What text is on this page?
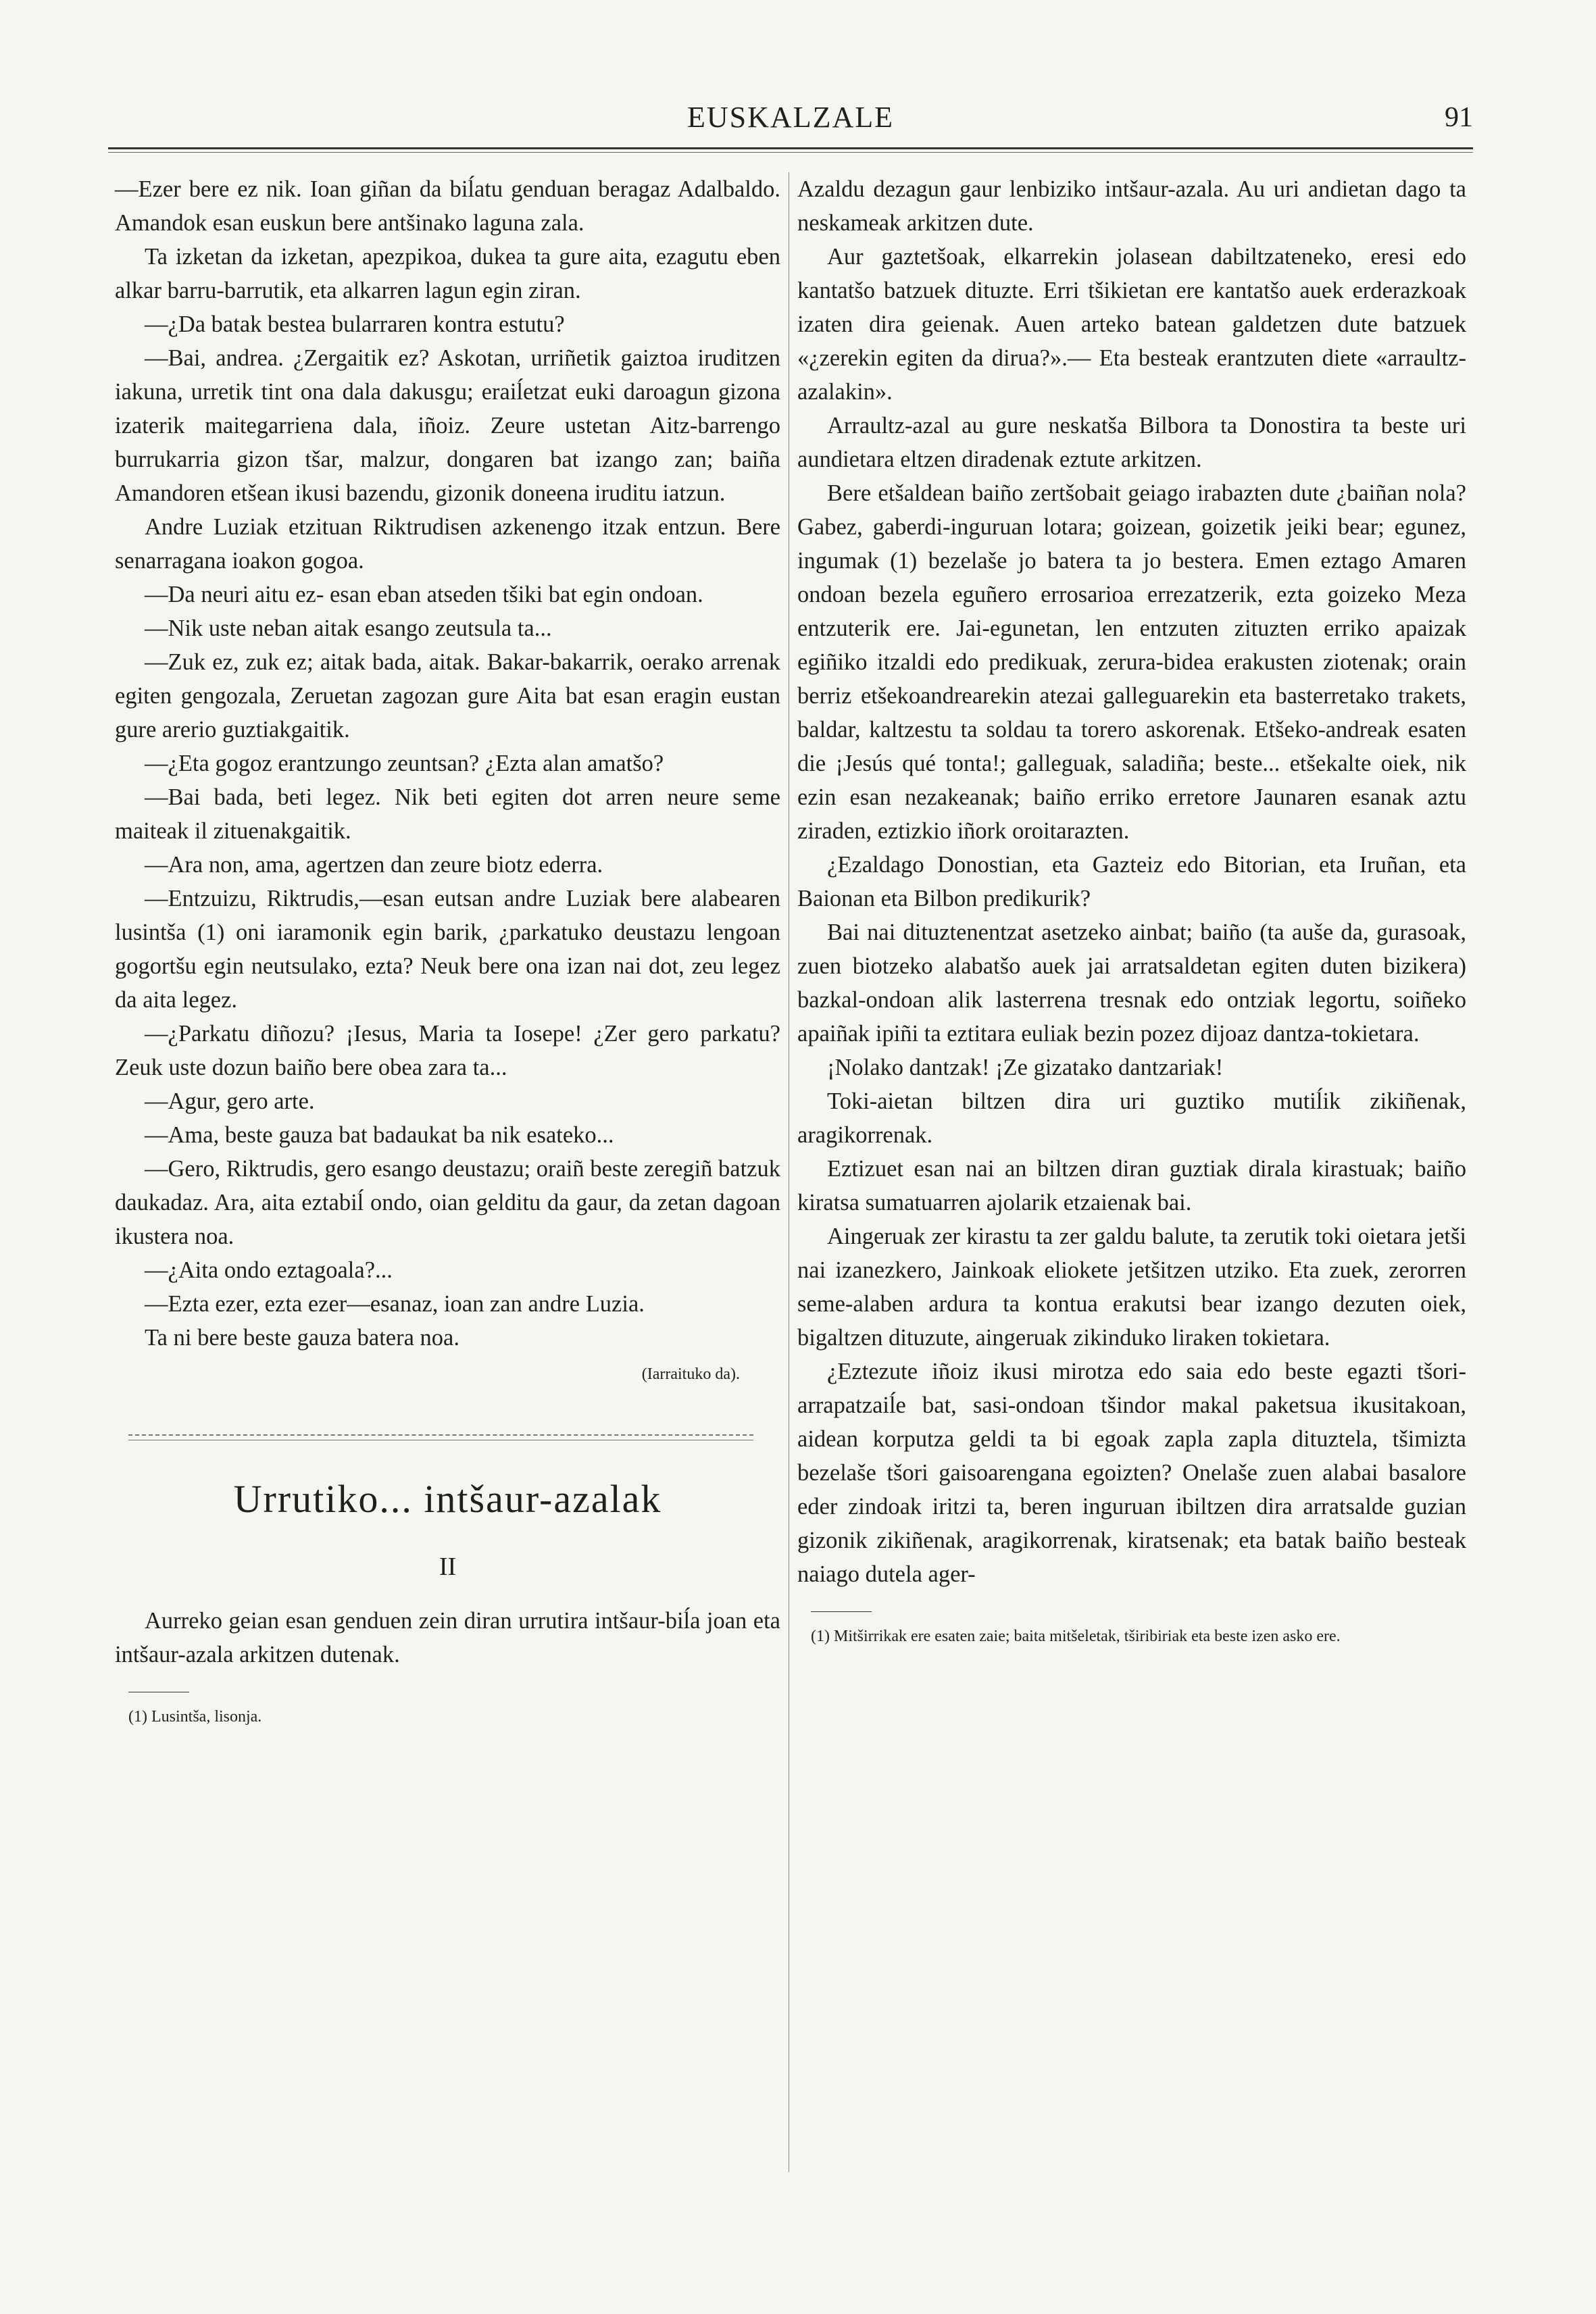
EUSKALZALE	91

—Ezer bere ez nik. Ioan giñan da biĺatu genduan beragaz Adalbaldo. Amandok esan euskun bere antšinako laguna zala.

Ta izketan da izketan, apezpikoa, dukea ta gure aita, ezagutu eben alkar barru-barrutik, eta alkarren lagun egin ziran.

—¿Da batak bestea bularraren kontra estutu?

—Bai, andrea. ¿Zergaitik ez? Askotan, urriñetik gaiztoa iruditzen iakuna, urretik tint ona dala dakusgu; eraiĺetzat euki daroagun gizona izaterik maitegarriena dala, iñoiz. Zeure ustetan Aitz-barrengo burrukarria gizon tšar, malzur, dongaren bat izango zan; baiña Amandoren etšean ikusi bazendu, gizonik doneena iruditu iatzun.

Andre Luziak etzituan Riktrudisen azkenengo itzak entzun. Bere senarragana ioakon gogoa.

—Da neuri aitu ez- esan eban atseden tšiki bat egin ondoan.

—Nik uste neban aitak esango zeutsula ta...

—Zuk ez, zuk ez; aitak bada, aitak. Bakar-bakarrik, oerako arrenak egiten gengozala, Zeruetan zagozan gure Aita bat esan eragin eustan gure arerio guztiakgaitik.

—¿Eta gogoz erantzungo zeuntsan? ¿Ezta alan amatšo?

—Bai bada, beti legez. Nik beti egiten dot arren neure seme maiteak il zituenakgaitik.

—Ara non, ama, agertzen dan zeure biotz ederra.

—Entzuizu, Riktrudis,—esan eutsan andre Luziak bere alabearen lusintša (1) oni iaramonik egin barik, ¿parkatuko deustazu lengoan gogortšu egin neutsulako, ezta? Neuk bere ona izan nai dot, zeu legez da aita legez.

—¿Parkatu diñozu? ¡Iesus, Maria ta Iosepe! ¿Zer gero parkatu? Zeuk uste dozun baiño bere obea zara ta...

—Agur, gero arte.

—Ama, beste gauza bat badaukat ba nik esateko...

—Gero, Riktrudis, gero esango deustazu; oraiñ beste zeregiñ batzuk daukadaz. Ara, aita eztabiĺ ondo, oian gelditu da gaur, da zetan dagoan ikustera noa.

—¿Aita ondo eztagoala?...

—Ezta ezer, ezta ezer—esanaz, ioan zan andre Luzia.

Ta ni bere beste gauza batera noa.

(Iarraituko da).

Urrutiko... intšaur-azalak

II

Aurreko geian esan genduen zein diran urrutira intšaur-biĺa joan eta intšaur-azala arkitzen dutenak.

(1) Lusintša, lisonja.

Azaldu dezagun gaur lenbiziko intšaur-azala. Au uri andietan dago ta neskameak arkitzen dute.

Aur gaztetšoak, elkarrekin jolasean dabiltzateneko, eresi edo kantatšo batzuek dituzte. Erri tšikietan ere kantatšo auek erderazkoak izaten dira geienak. Auen arteko batean galdetzen dute batzuek «¿zerekin egiten da dirua?».— Eta besteak erantzuten diete «arraultz-azalakin».

Arraultz-azal au gure neskatša Bilbora ta Donostira ta beste uri aundietara eltzen diradenak eztute arkitzen.

Bere etšaldean baiño zertšobait geiago irabazten dute ¿baiñan nola? Gabez, gaberdi-inguruan lotara; goizean, goizetik jeiki bear; egunez, ingumak (1) bezelaše jo batera ta jo bestera. Emen eztago Amaren ondoan bezela eguñero errosarioa errezatzerik, ezta goizeko Meza entzuterik ere. Jai-egunetan, len entzuten zituzten erriko apaizak egiñiko itzaldi edo predikuak, zerura-bidea erakusten ziotenak; orain berriz etšekoandrearekin atezai galleguarekin eta basterretako trakets, baldar, kaltzestu ta soldau ta torero askorenak. Etšeko-andreak esaten die ¡Jesús qué tonta!; galleguak, saladiña; beste... etšekalte oiek, nik ezin esan nezakeanak; baiño erriko erretore Jaunaren esanak aztu ziraden, eztizkio iñork oroitarazten.

¿Ezaldago Donostian, eta Gazteiz edo Bitorian, eta Iruñan, eta Baionan eta Bilbon predikurik?

Bai nai dituztenentzat asetzeko ainbat; baiño (ta auše da, gurasoak, zuen biotzeko alabatšo auek jai arratsaldetan egiten duten bizikera) bazkal-ondoan alik lasterrena tresnak edo ontziak legortu, soiñeko apaiñak ipiñi ta eztitara euliak bezin pozez dijoaz dantza-tokietara.

¡Nolako dantzak! ¡Ze gizatako dantzariak!

Toki-aietan biltzen dira uri guztiko mutiĺik zikiñenak, aragikorrenak.

Eztizuet esan nai an biltzen diran guztiak dirala kirastuak; baiño kiratsa sumatuarren ajolarik etzaienak bai.

Aingeruak zer kirastu ta zer galdu balute, ta zerutik toki oietara jetši nai izanezkero, Jainkoak eliokete jetšitzen utziko. Eta zuek, zerorren seme-alaben ardura ta kontua erakutsi bear izango dezuten oiek, bigaltzen dituzute, aingeruak zikinduko liraken tokietara.

¿Eztezute iñoiz ikusi mirotza edo saia edo beste egazti tšori-arrapatzaiĺe bat, sasi-ondoan tšindor makal paketsua ikusitakoan, aidean korputza geldi ta bi egoak zapla zapla dituztela, tšimizta bezelaše tšori gaisoarengana egoizten? Onelaše zuen alabai basalore eder zindoak iritzi ta, beren inguruan ibiltzen dira arratsalde guzian gizonik zikiñenak, aragikorrenak, kiratsenak; eta batak baiño besteak naiago dutela ager-

(1) Mitširrikak ere esaten zaie; baita mitšeletak, tširibiriak eta beste izen asko ere.
